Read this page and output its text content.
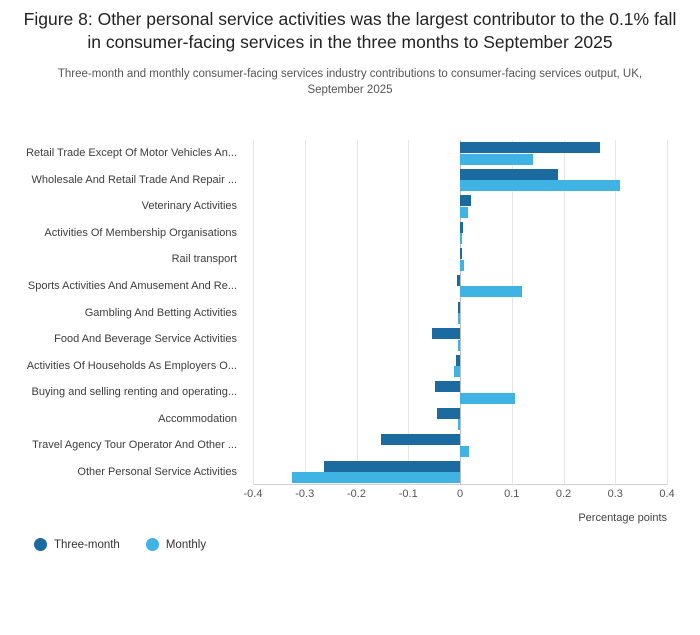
Figure 8: Other personal service activities was the largest contributor to the 0.1% fall in consumer-facing services in the three months to September 2025
Three-month and monthly consumer-facing services industry contributions to consumer-facing services output, UK, September 2025
Retail Trade Except Of Motor Vehicles An...
Wholesale And Retail Trade And Repair ...
Veterinary Activities
Activities Of Membership Organisations
Rail transport
Sports Activities And Amusement And Re...
Gambling And Betting Activities
Food And Beverage Service Activities
Activities Of Households As Employers O...
Buying and selling renting and operating...
Accommodation
Travel Agency Tour Operator And Other ...
Other Personal Service Activities
-0.4	-0.3	-0.2	-0.1	0	0.1	0.2	0.3	0.4
Percentage points
Three-month	Monthly
